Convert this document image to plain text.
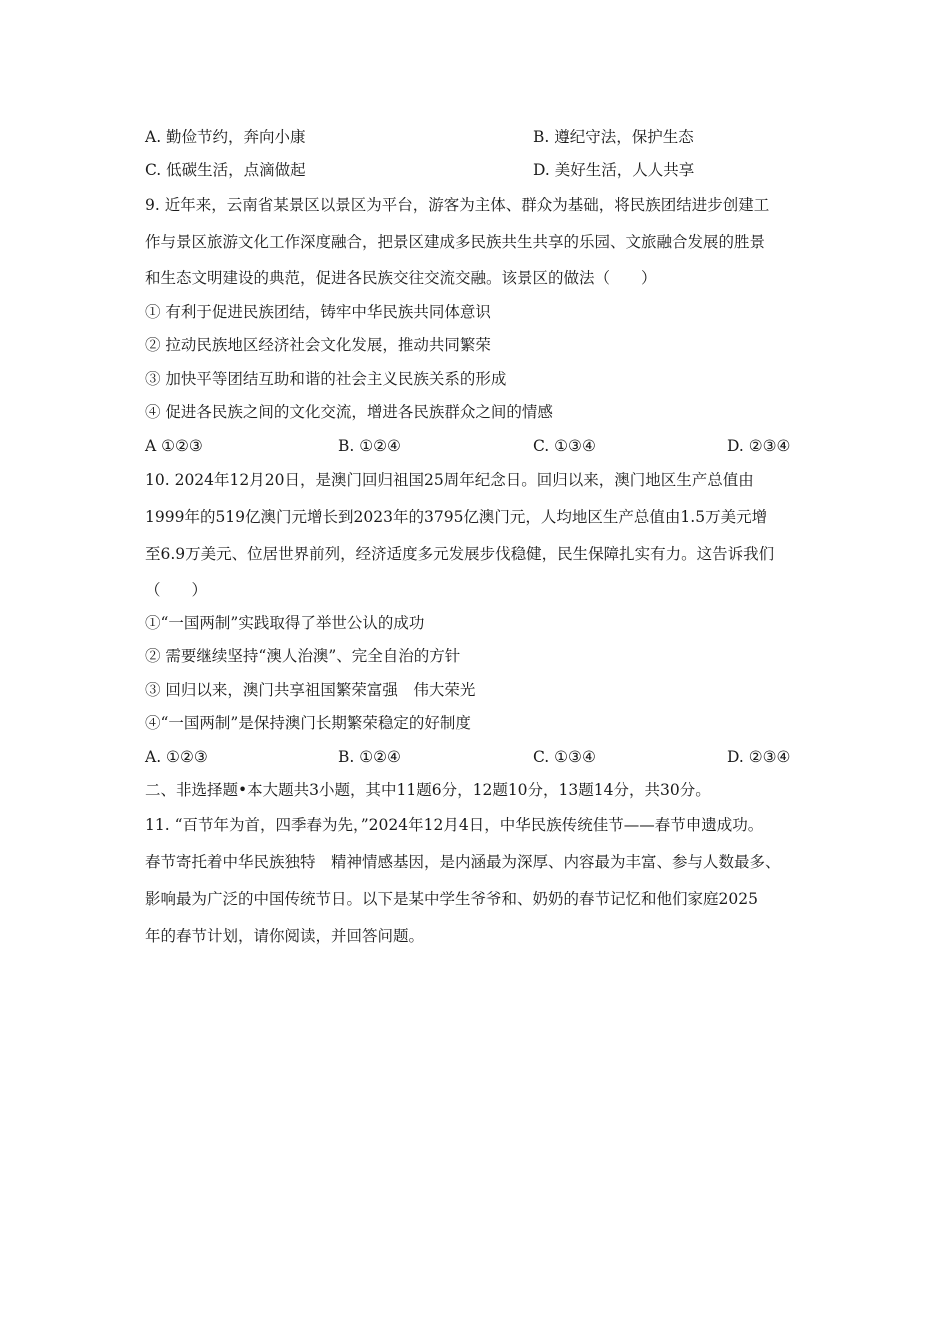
A. 勤俭节约，奔向小康	B. 遵纪守法，保护生态
C. 低碳生活，点滴做起	D. 美好生活，人人共享
9. 近年来，云南省某景区以景区为平台，游客为主体、群众为基础，将民族团结进步创建工
作与景区旅游文化工作深度融合，把景区建成多民族共生共享的乐园、文旅融合发展的胜景
和生态文明建设的典范，促进各民族交往交流交融。该景区的做法（　　）
① 有利于促进民族团结，铸牢中华民族共同体意识
② 拉动民族地区经济社会文化发展，推动共同繁荣
③ 加快平等团结互助和谐的社会主义民族关系的形成
④ 促进各民族之间的文化交流，增进各民族群众之间的情感
A ①②③	B. ①②④	C. ①③④	D. ②③④
10. 2024年12月20日，是澳门回归祖国25周年纪念日。回归以来，澳门地区生产总值由
1999年的519亿澳门元增长到2023年的3795亿澳门元，人均地区生产总值由1.5万美元增
至6.9万美元、位居世界前列，经济适度多元发展步伐稳健，民生保障扎实有力。这告诉我们
（　　）
①“一国两制”实践取得了举世公认的成功
② 需要继续坚持“澳人治澳”、完全自治的方针
③ 回归以来，澳门共享祖国繁荣富强　伟大荣光
④“一国两制”是保持澳门长期繁荣稳定的好制度
A. ①②③	B. ①②④	C. ①③④	D. ②③④
二、非选择题•本大题共3小题，其中11题6分，12题10分，13题14分，共30分。
11. “百节年为首，四季春为先，”2024年12月4日，中华民族传统佳节——春节申遗成功。
春节寄托着中华民族独特　精神情感基因，是内涵最为深厚、内容最为丰富、参与人数最多、
影响最为广泛的中国传统节日。以下是某中学生爷爷和、奶奶的春节记忆和他们家庭2025
年的春节计划，请你阅读，并回答问题。
